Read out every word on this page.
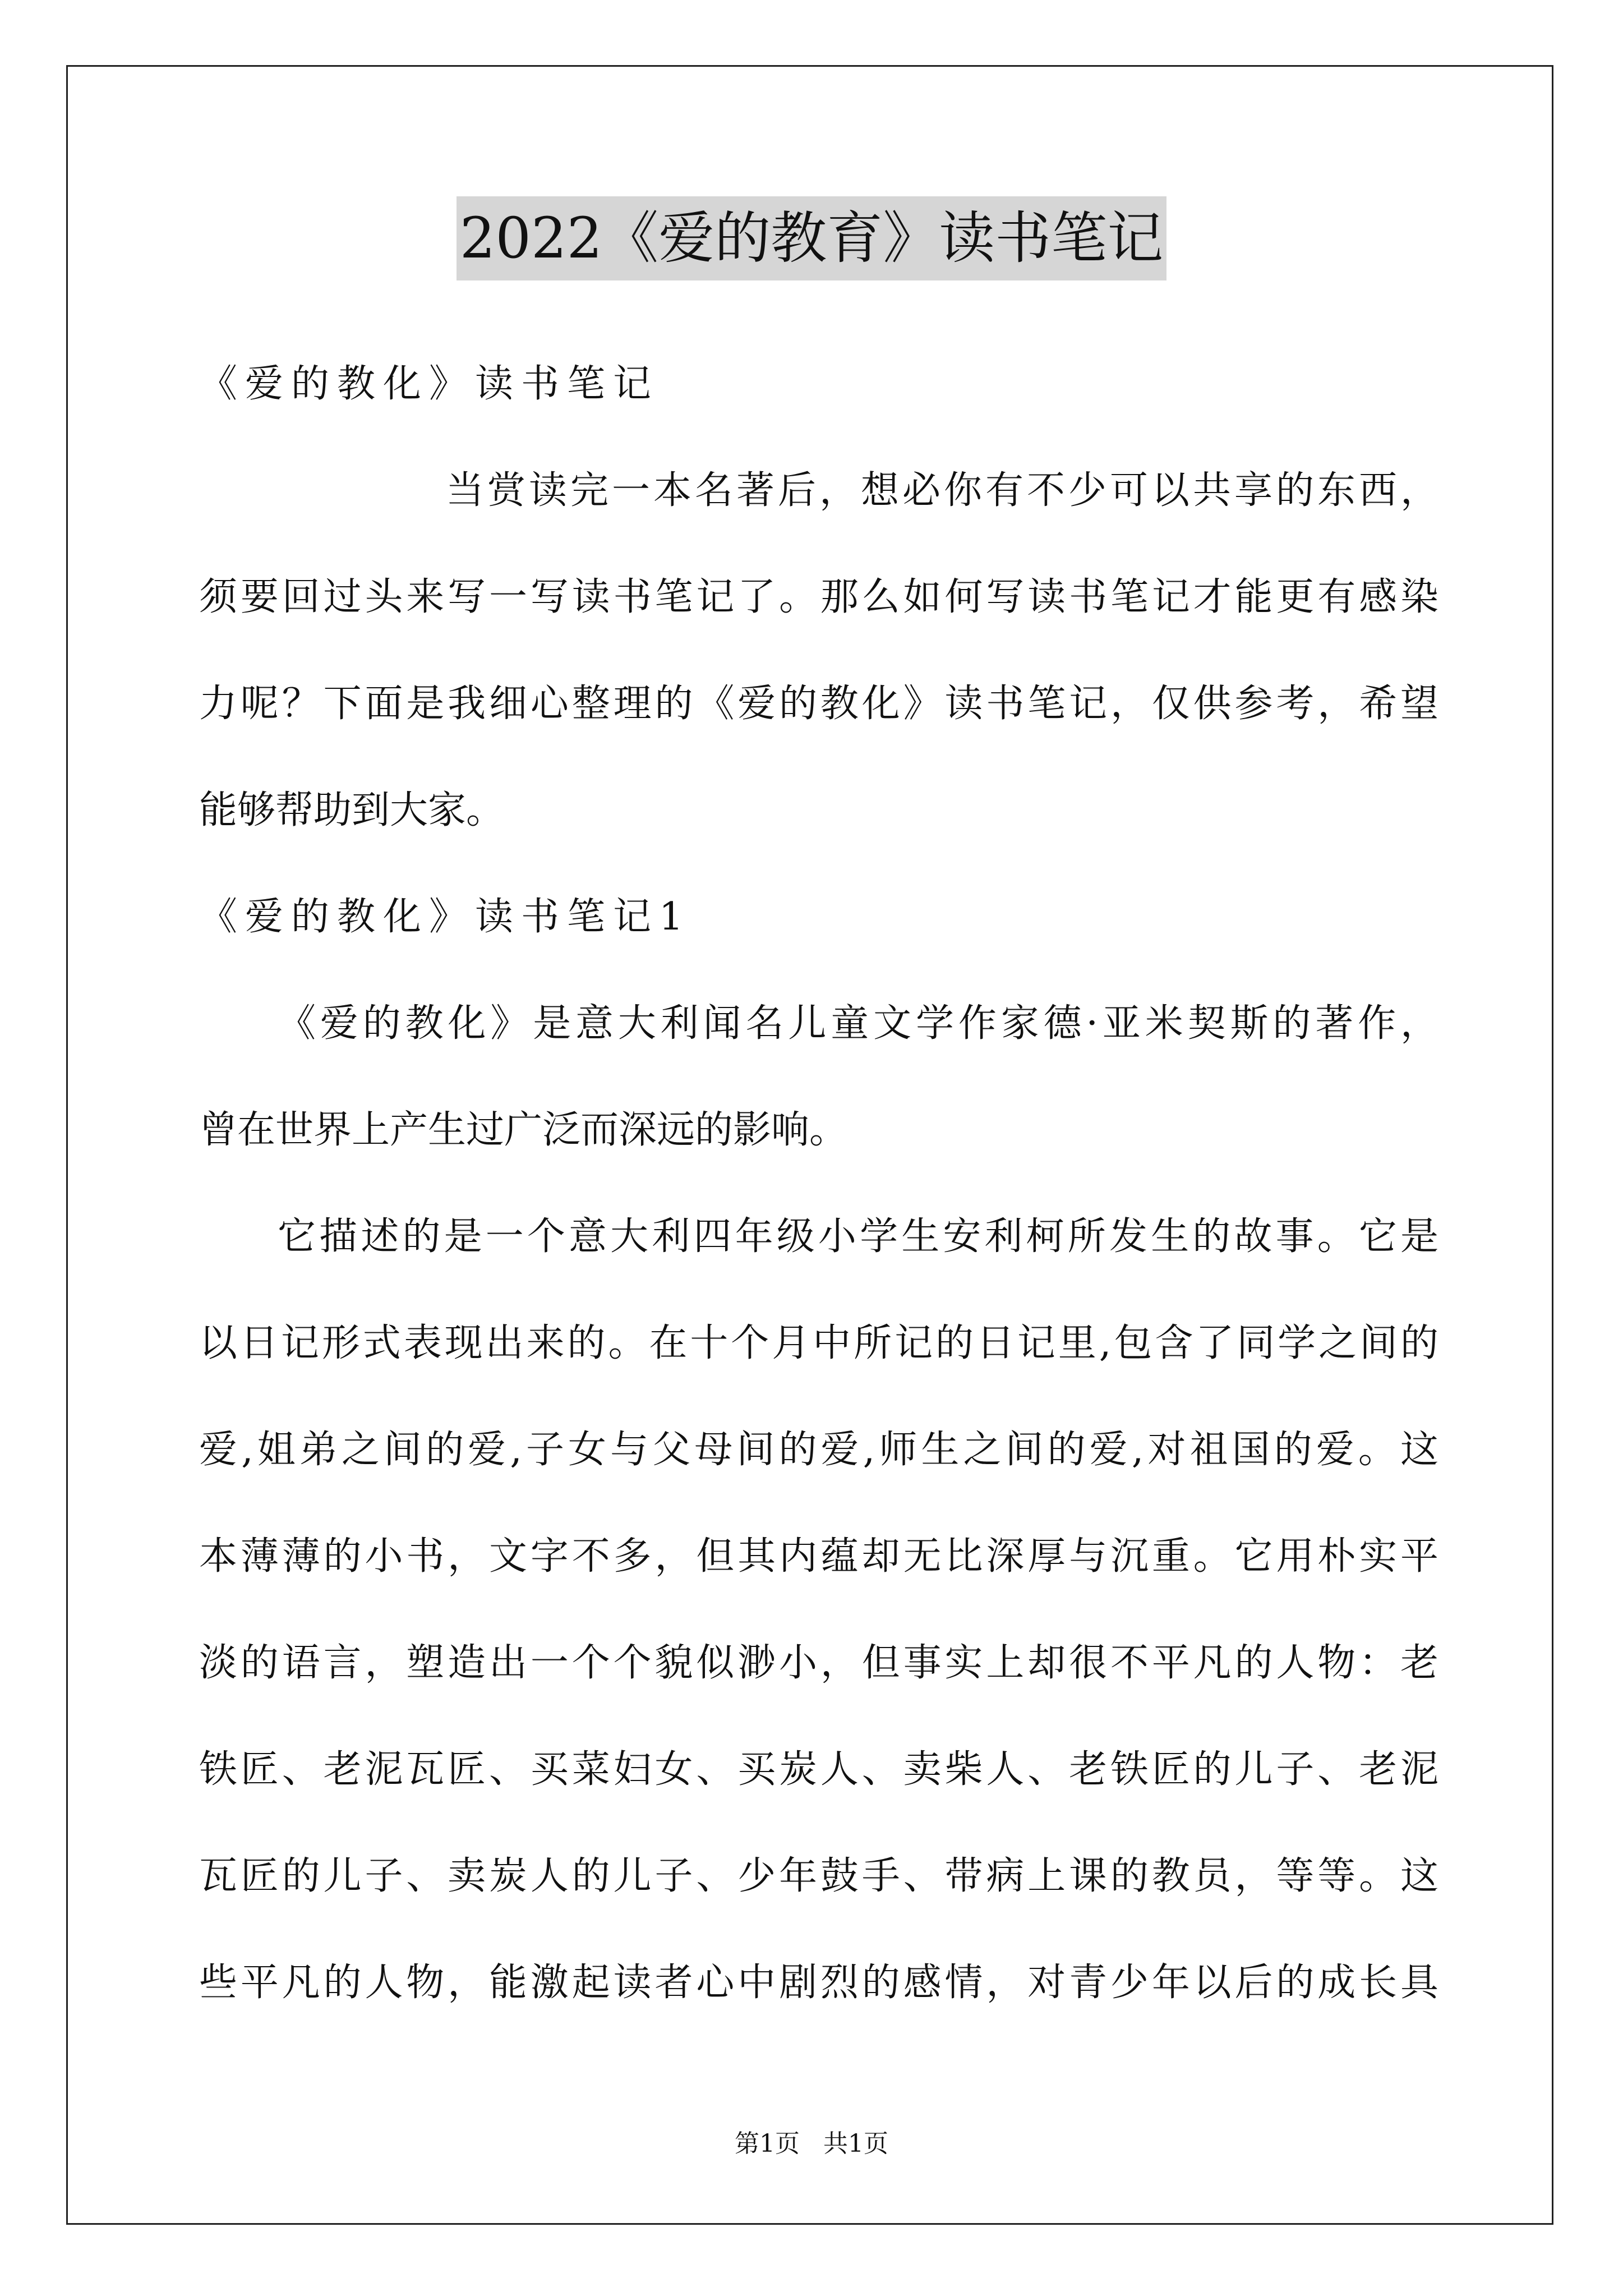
2022《爱的教育》读书笔记
《爱的教化》读书笔记
当赏读完一本名著后，想必你有不少可以共享的东西，
须要回过头来写一写读书笔记了。那么如何写读书笔记才能更有感染
力呢？下面是我细心整理的《爱的教化》读书笔记，仅供参考，希望
能够帮助到大家。
《爱的教化》读书笔记1
《爱的教化》是意大利闻名儿童文学作家德·亚米契斯的著作，
曾在世界上产生过广泛而深远的影响。
它描述的是一个意大利四年级小学生安利柯所发生的故事。它是
以日记形式表现出来的。在十个月中所记的日记里,包含了同学之间的
爱,姐弟之间的爱,子女与父母间的爱,师生之间的爱,对祖国的爱。这
本薄薄的小书，文字不多，但其内蕴却无比深厚与沉重。它用朴实平
淡的语言，塑造出一个个貌似渺小，但事实上却很不平凡的人物：老
铁匠、老泥瓦匠、买菜妇女、买炭人、卖柴人、老铁匠的儿子、老泥
瓦匠的儿子、卖炭人的儿子、少年鼓手、带病上课的教员，等等。这
些平凡的人物，能激起读者心中剧烈的感情，对青少年以后的成长具
第1页 共1页
